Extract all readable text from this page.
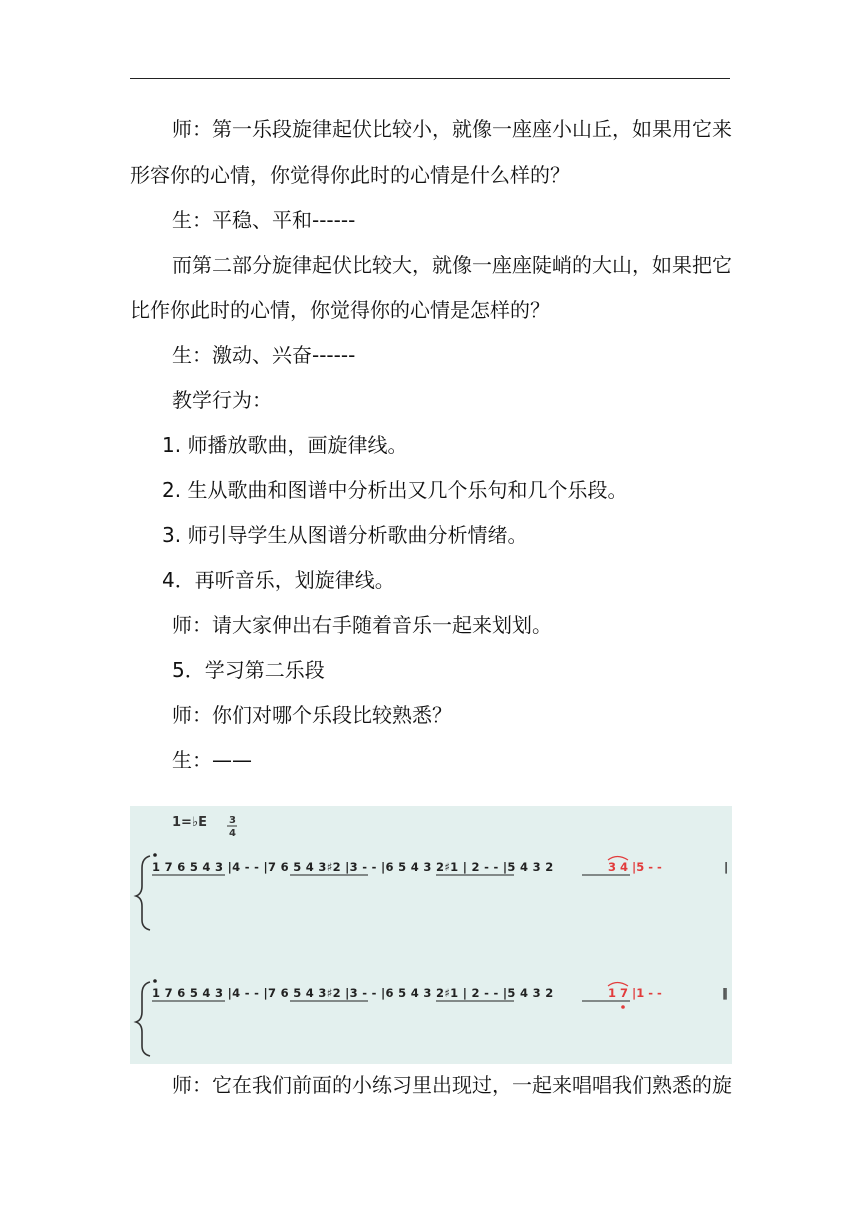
师：第一乐段旋律起伏比较小，就像一座座小山丘，如果用它来
形容你的心情，你觉得你此时的心情是什么样的？
生：平稳、平和------
而第二部分旋律起伏比较大，就像一座座陡峭的大山，如果把它
比作你此时的心情，你觉得你的心情是怎样的？
生：激动、兴奋------
教学行为：
1. 师播放歌曲，画旋律线。
2. 生从歌曲和图谱中分析出又几个乐句和几个乐段。
3. 师引导学生从图谱分析歌曲分析情绪。
4．再听音乐，划旋律线。
师：请大家伸出右手随着音乐一起来划划。
5．学习第二乐段
师：你们对哪个乐段比较熟悉？
生：——
1=♭E 3
4
1 7 6 5 4 3 |4 - - |7 6 5 4 3♯2 |3 - - |6 5 4 3 2♯1 | 2 - - |5 4 3 2	3 4 |5 - -	|
1 7 6 5 4 3 |4 - - |7 6 5 4 3♯2 |3 - - |6 5 4 3 2♯1 | 2 - - |5 4 3 2	1 7 |1 - -	‖
师：它在我们前面的小练习里出现过，一起来唱唱我们熟悉的旋
